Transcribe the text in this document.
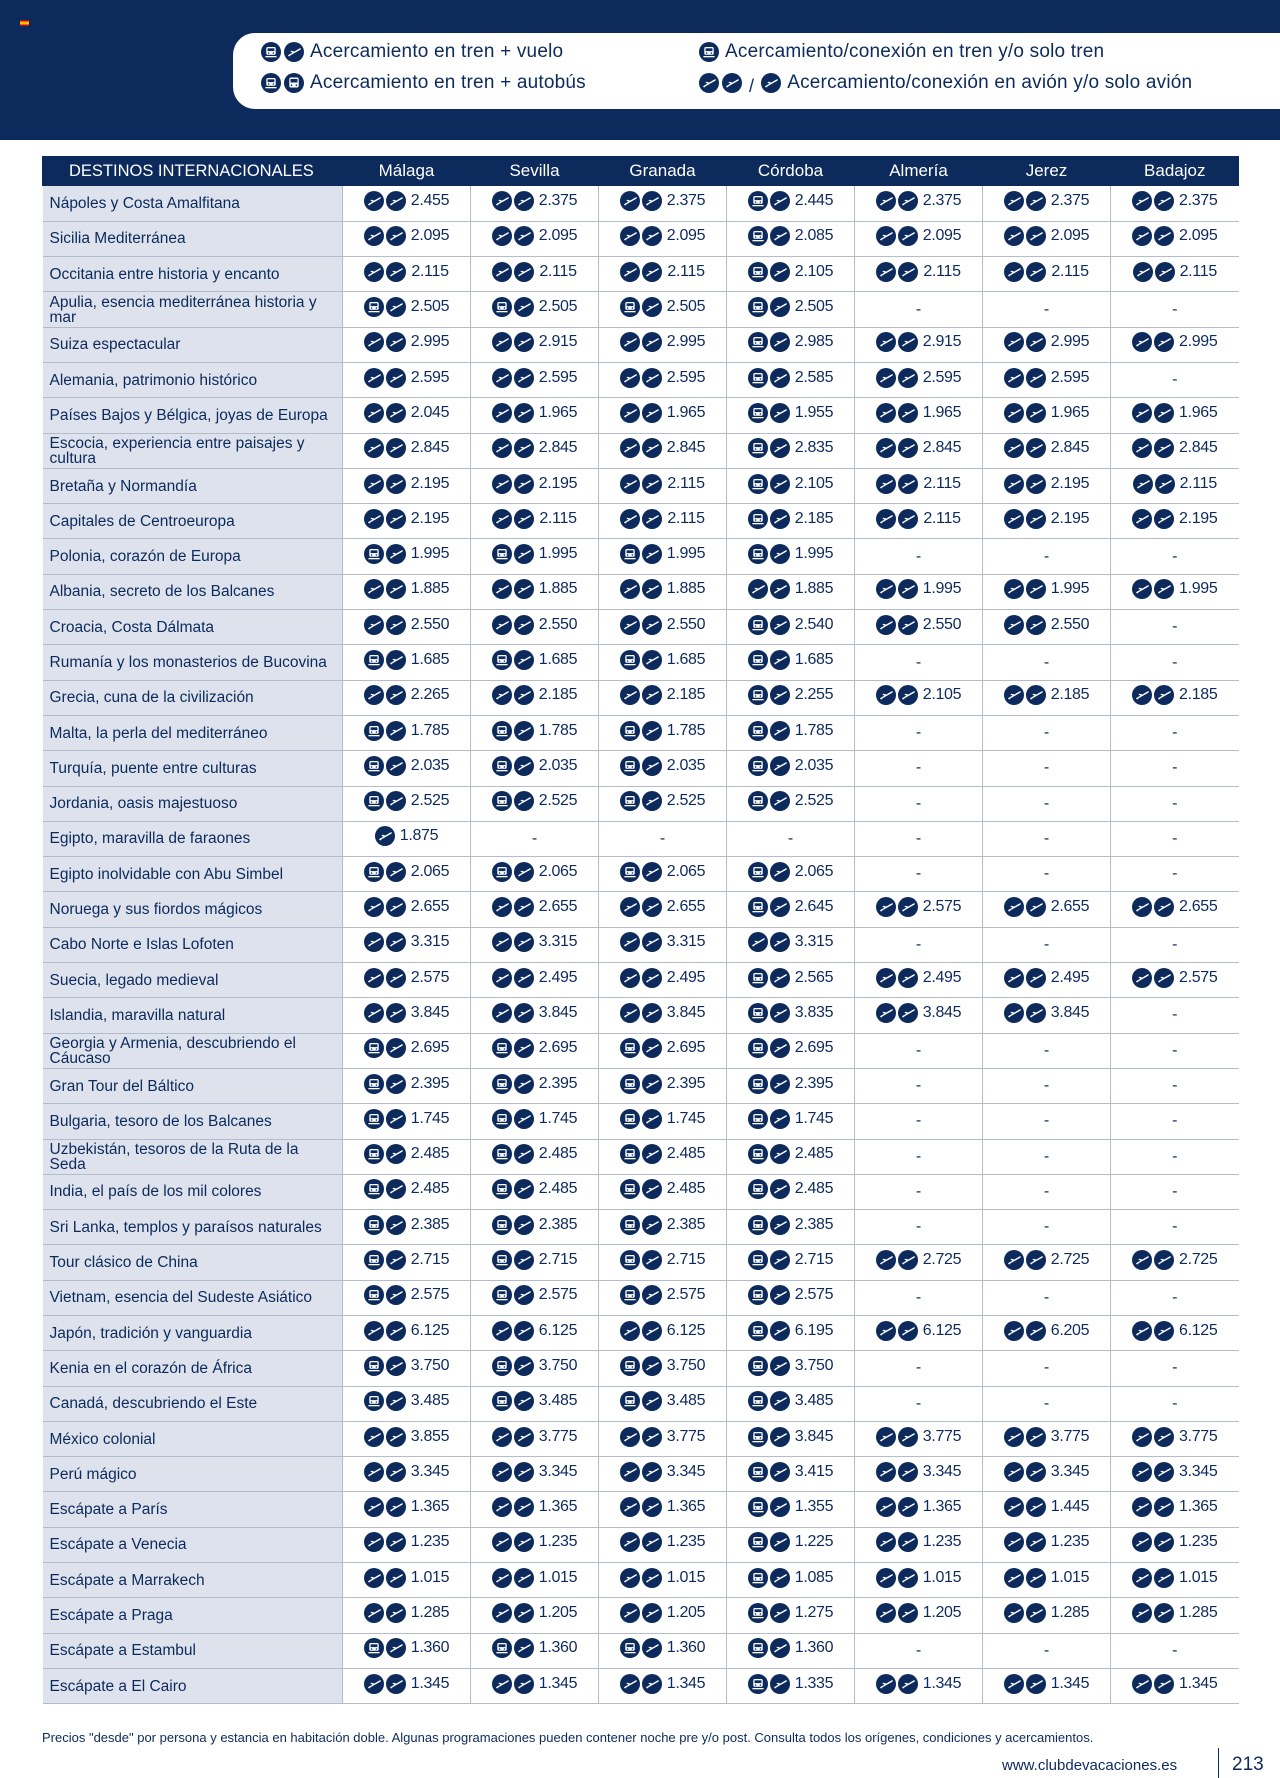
Acercamiento en tren + vuelo
Acercamiento en tren + autobús
Acercamiento/conexión en tren y/o solo tren
/ Acercamiento/conexión en avión y/o solo avión
DESTINOS INTERNACIONALES	Málaga	Sevilla	Granada	Córdoba	Almería	Jerez	Badajoz
Nápoles y Costa Amalfitana	2.455	2.375	2.375	2.445	2.375	2.375	2.375

Sicilia Mediterránea	2.095	2.095	2.095	2.085	2.095	2.095	2.095

Occitania entre historia y encanto	2.115	2.115	2.115	2.105	2.115	2.115	2.115

Apulia, esencia mediterránea historia y mar	2.505	2.505	2.505	2.505	-	-	-
Suiza espectacular	2.995	2.915	2.995	2.985	2.915	2.995	2.995

Alemania, patrimonio histórico	2.595	2.595	2.595	2.585	2.595	2.595	-
Países Bajos y Bélgica, joyas de Europa	2.045	1.965	1.965	1.955	1.965	1.965	1.965

Escocia, experiencia entre paisajes y cultura	2.845	2.845	2.845	2.835	2.845	2.845	2.845

Bretaña y Normandía	2.195	2.195	2.115	2.105	2.115	2.195	2.115

Capitales de Centroeuropa	2.195	2.115	2.115	2.185	2.115	2.195	2.195

Polonia, corazón de Europa	1.995	1.995	1.995	1.995	-	-	-
Albania, secreto de los Balcanes	1.885	1.885	1.885	1.885	1.995	1.995	1.995

Croacia, Costa Dálmata	2.550	2.550	2.550	2.540	2.550	2.550	-
Rumanía y los monasterios de Bucovina	1.685	1.685	1.685	1.685	-	-	-
Grecia, cuna de la civilización	2.265	2.185	2.185	2.255	2.105	2.185	2.185

Malta, la perla del mediterráneo	1.785	1.785	1.785	1.785	-	-	-
Turquía, puente entre culturas	2.035	2.035	2.035	2.035	-	-	-
Jordania, oasis majestuoso	2.525	2.525	2.525	2.525	-	-	-
Egipto, maravilla de faraones	1.875	-	-	-	-	-	-
Egipto inolvidable con Abu Simbel	2.065	2.065	2.065	2.065	-	-	-
Noruega y sus fiordos mágicos	2.655	2.655	2.655	2.645	2.575	2.655	2.655

Cabo Norte e Islas Lofoten	3.315	3.315	3.315	3.315	-	-	-
Suecia, legado medieval	2.575	2.495	2.495	2.565	2.495	2.495	2.575

Islandia, maravilla natural	3.845	3.845	3.845	3.835	3.845	3.845	-
Georgia y Armenia, descubriendo el Cáucaso	2.695	2.695	2.695	2.695	-	-	-
Gran Tour del Báltico	2.395	2.395	2.395	2.395	-	-	-
Bulgaria, tesoro de los Balcanes	1.745	1.745	1.745	1.745	-	-	-
Uzbekistán, tesoros de la Ruta de la Seda	2.485	2.485	2.485	2.485	-	-	-
India, el país de los mil colores	2.485	2.485	2.485	2.485	-	-	-
Sri Lanka, templos y paraísos naturales	2.385	2.385	2.385	2.385	-	-	-
Tour clásico de China	2.715	2.715	2.715	2.715	2.725	2.725	2.725

Vietnam, esencia del Sudeste Asiático	2.575	2.575	2.575	2.575	-	-	-
Japón, tradición y vanguardia	6.125	6.125	6.125	6.195	6.125	6.205	6.125

Kenia en el corazón de África	3.750	3.750	3.750	3.750	-	-	-
Canadá, descubriendo el Este	3.485	3.485	3.485	3.485	-	-	-
México colonial	3.855	3.775	3.775	3.845	3.775	3.775	3.775

Perú mágico	3.345	3.345	3.345	3.415	3.345	3.345	3.345

Escápate a París	1.365	1.365	1.365	1.355	1.365	1.445	1.365

Escápate a Venecia	1.235	1.235	1.235	1.225	1.235	1.235	1.235

Escápate a Marrakech	1.015	1.015	1.015	1.085	1.015	1.015	1.015

Escápate a Praga	1.285	1.205	1.205	1.275	1.205	1.285	1.285

Escápate a Estambul	1.360	1.360	1.360	1.360	-	-	-
Escápate a El Cairo	1.345	1.345	1.345	1.335	1.345	1.345	1.345
Precios "desde" por persona y estancia en habitación doble. Algunas programaciones pueden contener noche pre y/o post. Consulta todos los orígenes, condiciones y acercamientos.
www.clubdevacaciones.es	213
